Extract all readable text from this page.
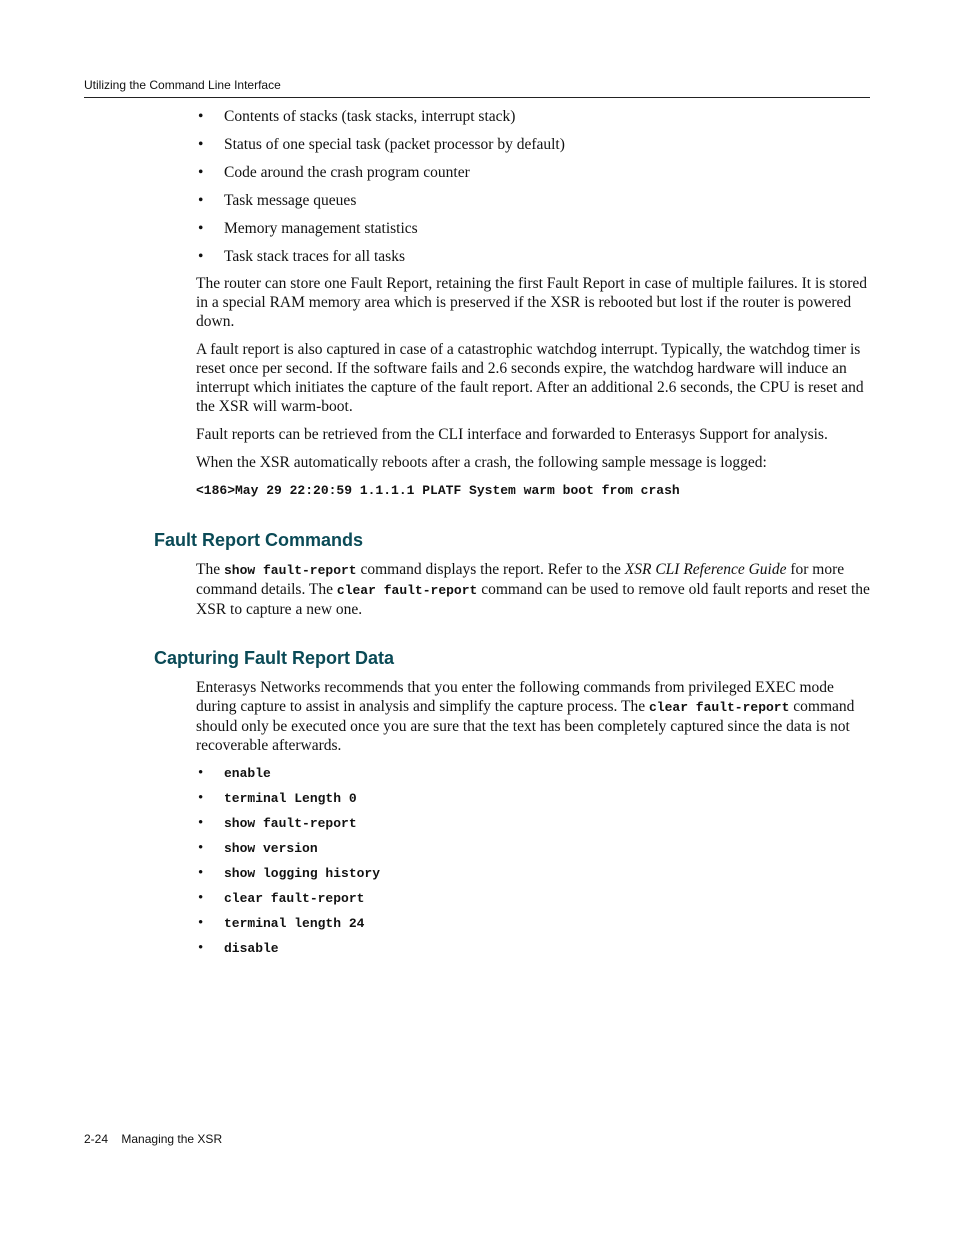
Utilizing the Command Line Interface
• Contents of stacks (task stacks, interrupt stack)
• Status of one special task (packet processor by default)
• Code around the crash program counter
• Task message queues
• Memory management statistics
• Task stack traces for all tasks

The router can store one Fault Report, retaining the first Fault Report in case of multiple failures. It is stored in a special RAM memory area which is preserved if the XSR is rebooted but lost if the router is powered down.

A fault report is also captured in case of a catastrophic watchdog interrupt. Typically, the watchdog timer is reset once per second. If the software fails and 2.6 seconds expire, the watchdog hardware will induce an interrupt which initiates the capture of the fault report. After an additional 2.6 seconds, the CPU is reset and the XSR will warm-boot.

Fault reports can be retrieved from the CLI interface and forwarded to Enterasys Support for analysis.

When the XSR automatically reboots after a crash, the following sample message is logged:

<186>May 29 22:20:59 1.1.1.1 PLATF System warm boot from crash
Fault Report Commands

The show fault-report command displays the report. Refer to the XSR CLI Reference Guide for more command details. The clear fault-report command can be used to remove old fault reports and reset the XSR to capture a new one.

Capturing Fault Report Data

Enterasys Networks recommends that you enter the following commands from privileged EXEC mode during capture to assist in analysis and simplify the capture process. The clear fault-report command should only be executed once you are sure that the text has been completely captured since the data is not recoverable afterwards.

• enable
• terminal Length 0
• show fault-report
• show version
• show logging history
• clear fault-report
• terminal length 24
• disable
2-24 Managing the XSR
